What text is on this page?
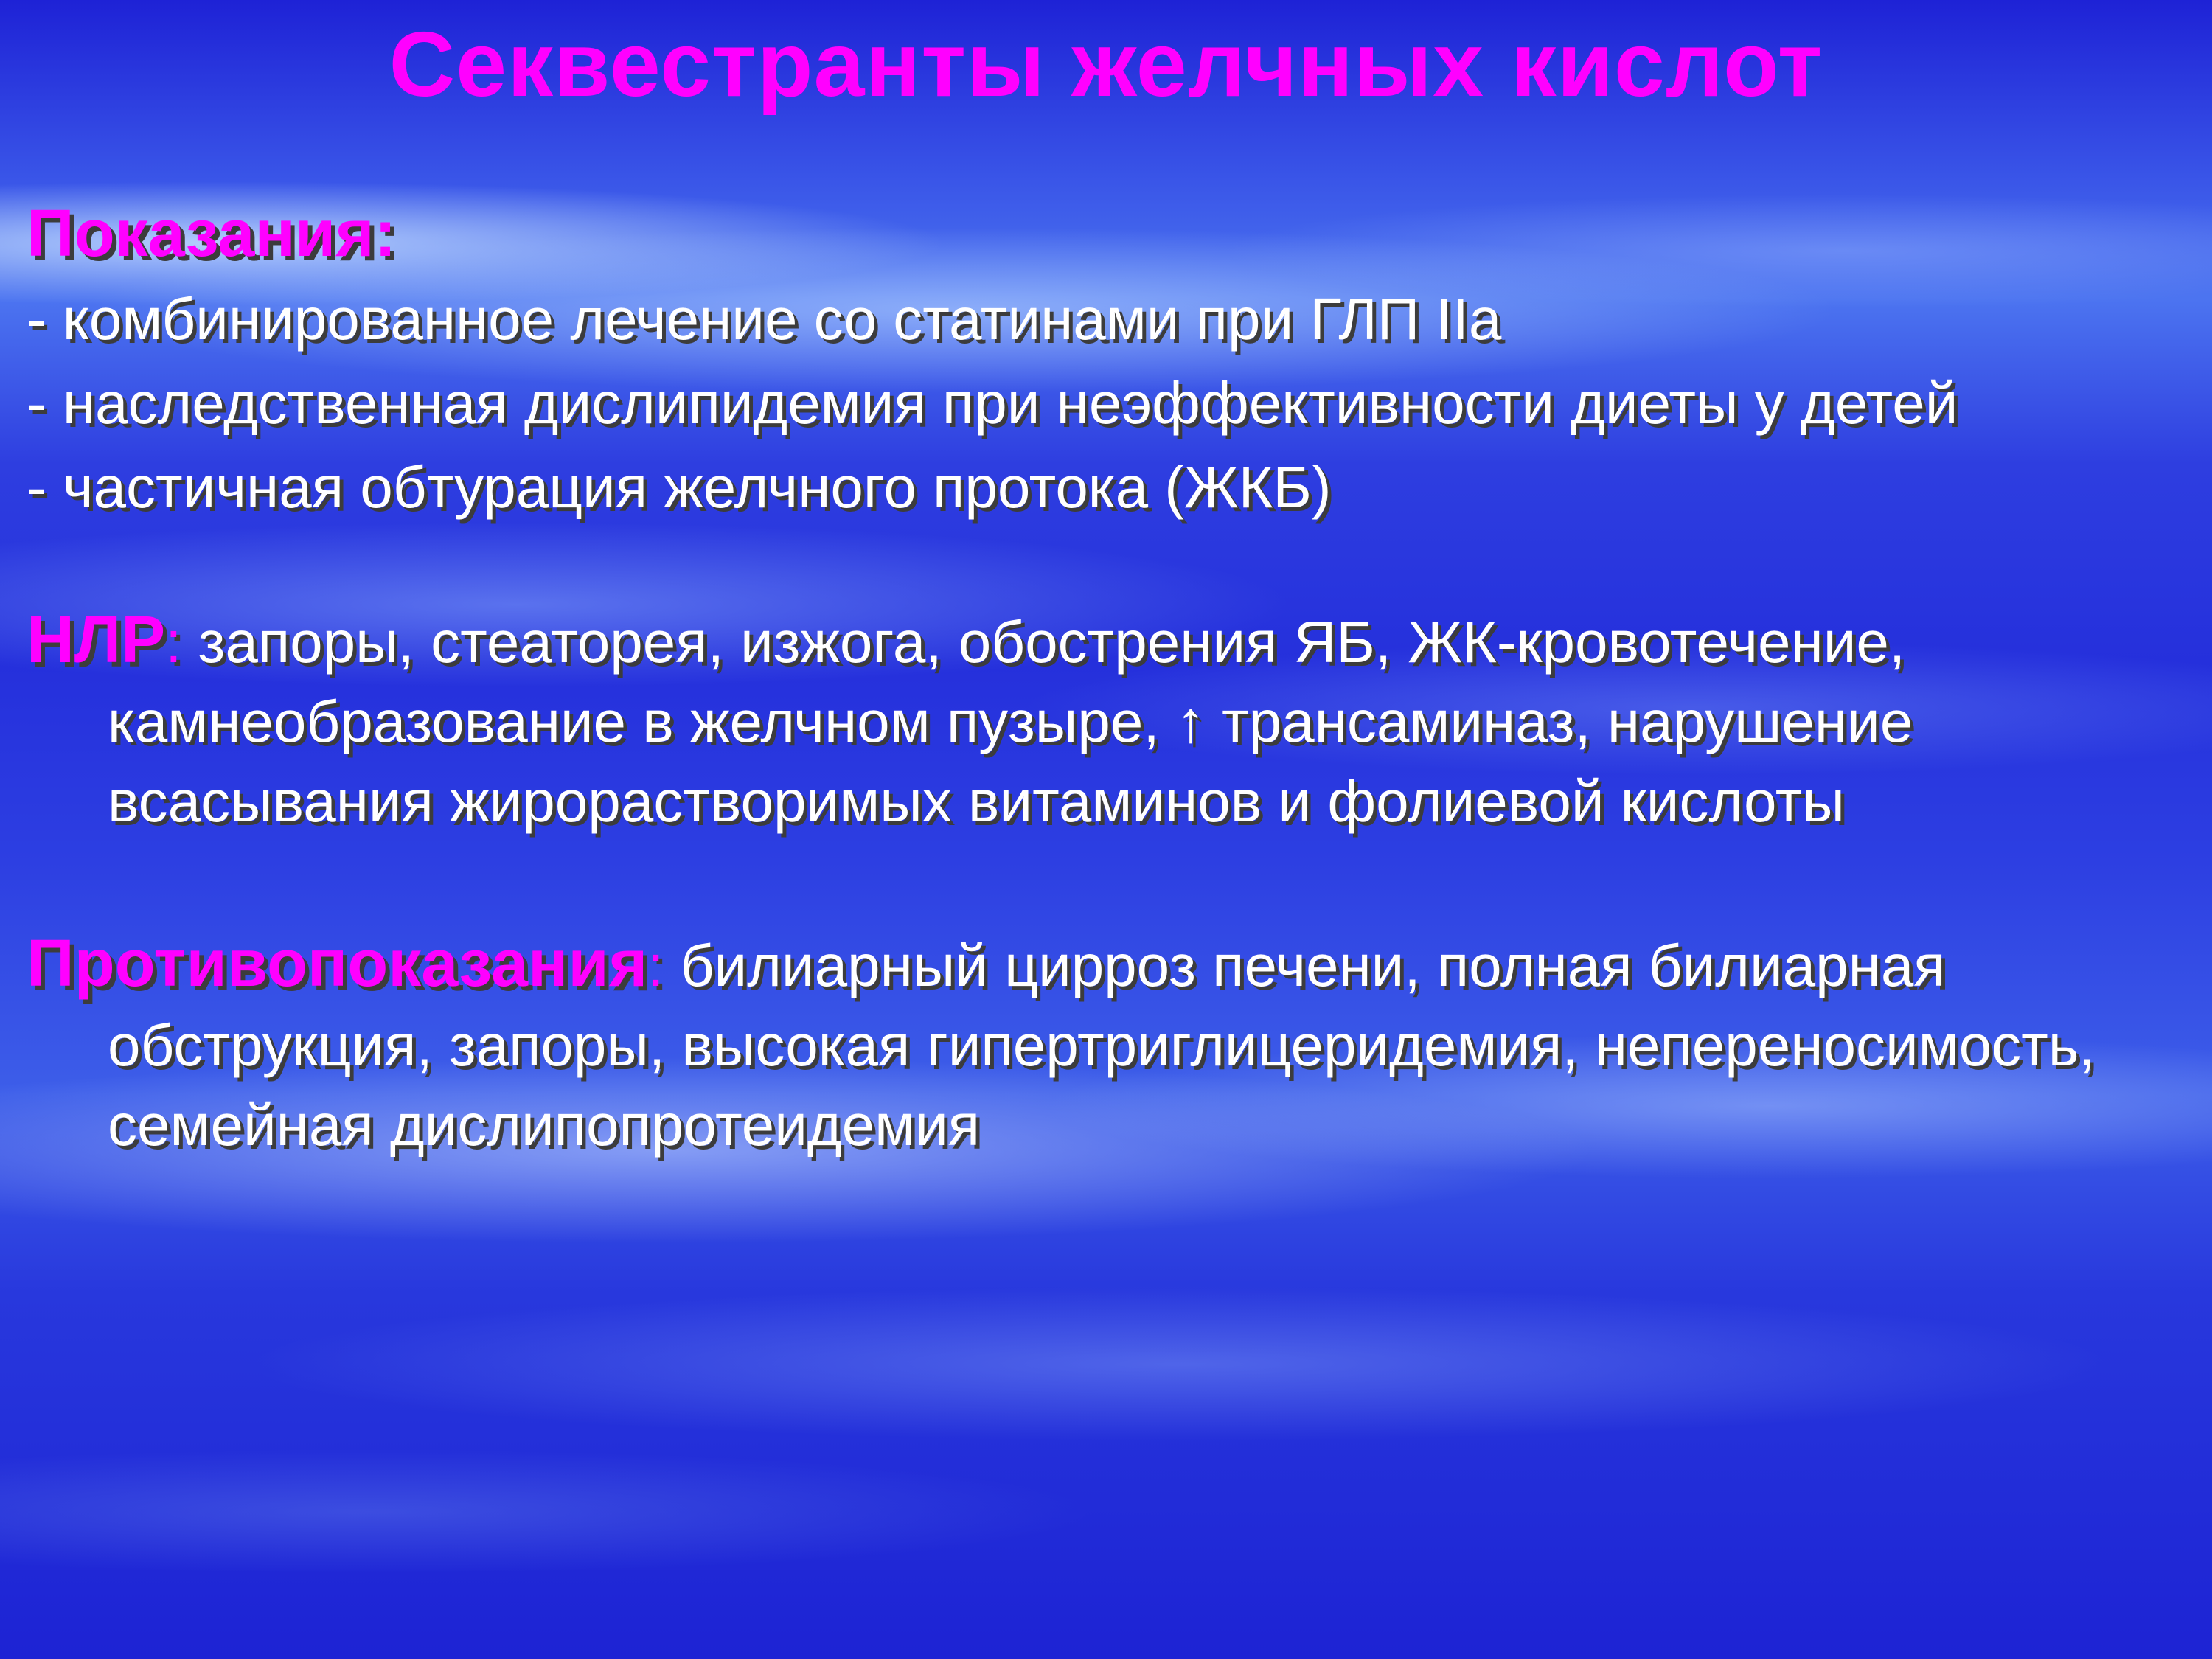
Секвестранты желчных кислот
Показания:
- комбинированное лечение со статинами при ГЛП IIa
- наследственная дислипидемия при неэффективности диеты у детей
- частичная обтурация желчного протока (ЖКБ)
НЛР: запоры, стеаторея, изжога, обострения ЯБ, ЖК-кровотечение, камнеобразование в желчном пузыре, ↑ трансаминаз, нарушение всасывания жирорастворимых витаминов и фолиевой кислоты
Противопоказания: билиарный цирроз печени, полная билиарная обструкция, запоры, высокая гипертриглицеридемия, непереносимость, семейная дислипопротеидемия
